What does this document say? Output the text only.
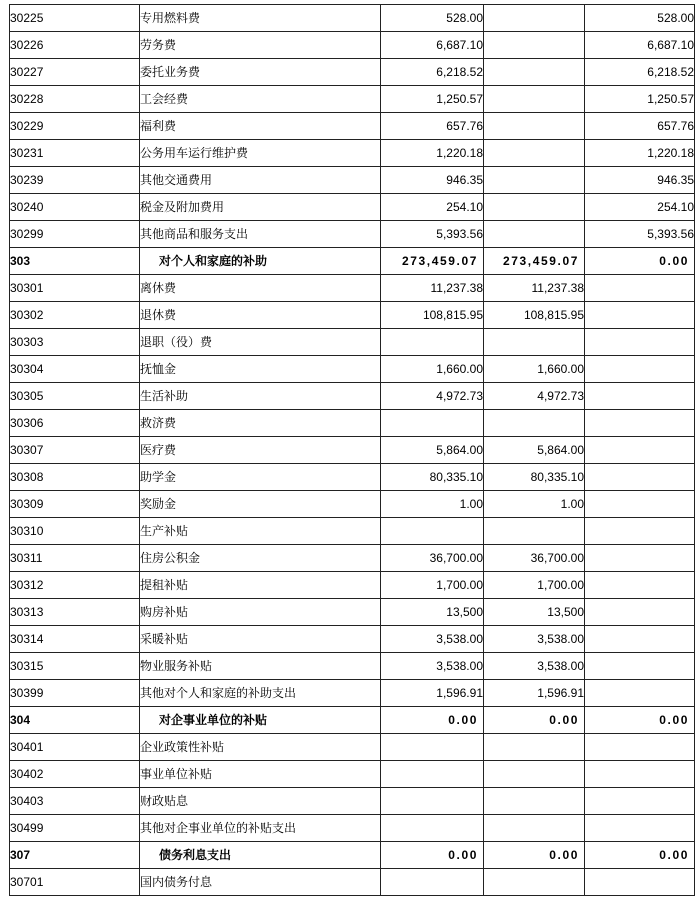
30225	专用燃料费	528.00		528.00
30226	劳务费	6,687.10		6,687.10
30227	委托业务费	6,218.52		6,218.52
30228	工会经费	1,250.57		1,250.57
30229	福利费	657.76		657.76
30231	公务用车运行维护费	1,220.18		1,220.18
30239	其他交通费用	946.35		946.35
30240	税金及附加费用	254.10		254.10
30299	其他商品和服务支出	5,393.56		5,393.56
303	对个人和家庭的补助	273,459.07	273,459.07	0.00
30301	离休费	11,237.38	11,237.38	
30302	退休费	108,815.95	108,815.95	
30303	退职（役）费			
30304	抚恤金	1,660.00	1,660.00	
30305	生活补助	4,972.73	4,972.73	
30306	救济费			
30307	医疗费	5,864.00	5,864.00	
30308	助学金	80,335.10	80,335.10	
30309	奖励金	1.00	1.00	
30310	生产补贴			
30311	住房公积金	36,700.00	36,700.00	
30312	提租补贴	1,700.00	1,700.00	
30313	购房补贴	13,500	13,500	
30314	采暖补贴	3,538.00	3,538.00	
30315	物业服务补贴	3,538.00	3,538.00	
30399	其他对个人和家庭的补助支出	1,596.91	1,596.91	
304	对企事业单位的补贴	0.00	0.00	0.00
30401	企业政策性补贴			
30402	事业单位补贴			
30403	财政贴息			
30499	其他对企事业单位的补贴支出			
307	债务利息支出	0.00	0.00	0.00
30701	国内债务付息			
